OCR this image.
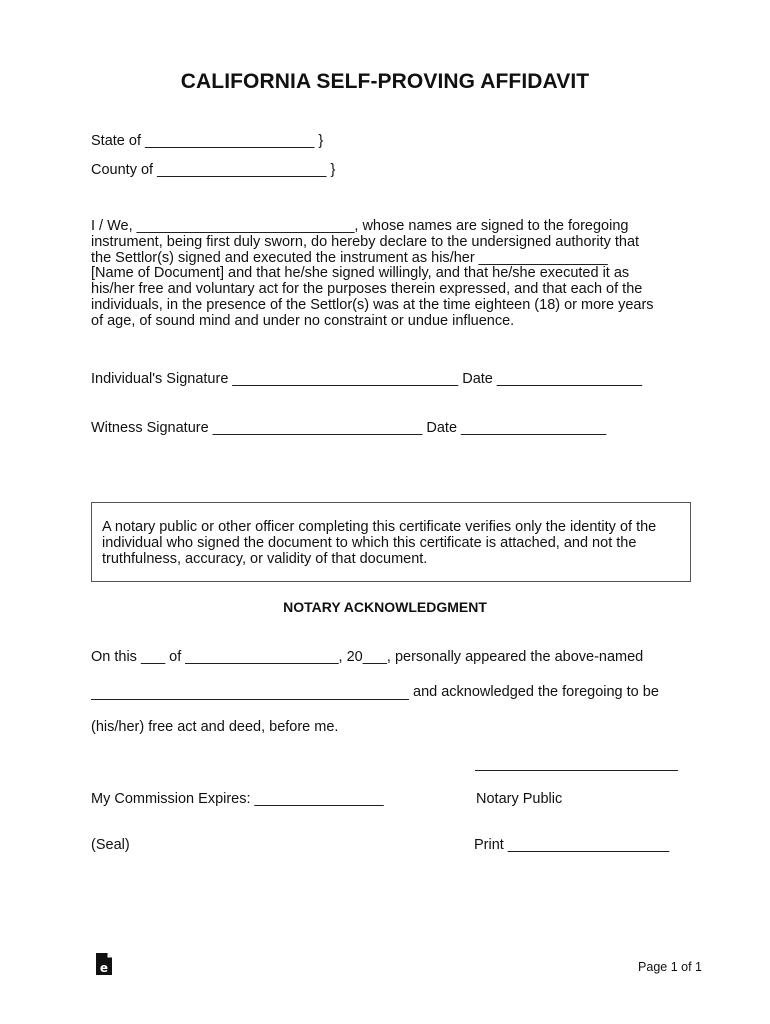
CALIFORNIA SELF-PROVING AFFIDAVIT
State of _____________________ }
County of _____________________ }
I / We, ___________________________, whose names are signed to the foregoing
instrument, being first duly sworn, do hereby declare to the undersigned authority that
the Settlor(s) signed and executed the instrument as his/her ________________
[Name of Document] and that he/she signed willingly, and that he/she executed it as
his/her free and voluntary act for the purposes therein expressed, and that each of the
individuals, in the presence of the Settlor(s) was at the time eighteen (18) or more years
of age, of sound mind and under no constraint or undue influence.
Individual's Signature ____________________________ Date __________________
Witness Signature __________________________ Date __________________
A notary public or other officer completing this certificate verifies only the identity of the
individual who signed the document to which this certificate is attached, and not the
truthfulness, accuracy, or validity of that document.
NOTARY ACKNOWLEDGMENT
On this ___ of ___________________, 20___, personally appeared the above-named
and acknowledged the foregoing to be
(his/her) free act and deed, before me.
My Commission Expires: ________________	Notary Public
(Seal)	Print ____________________
e	Page 1 of 1
